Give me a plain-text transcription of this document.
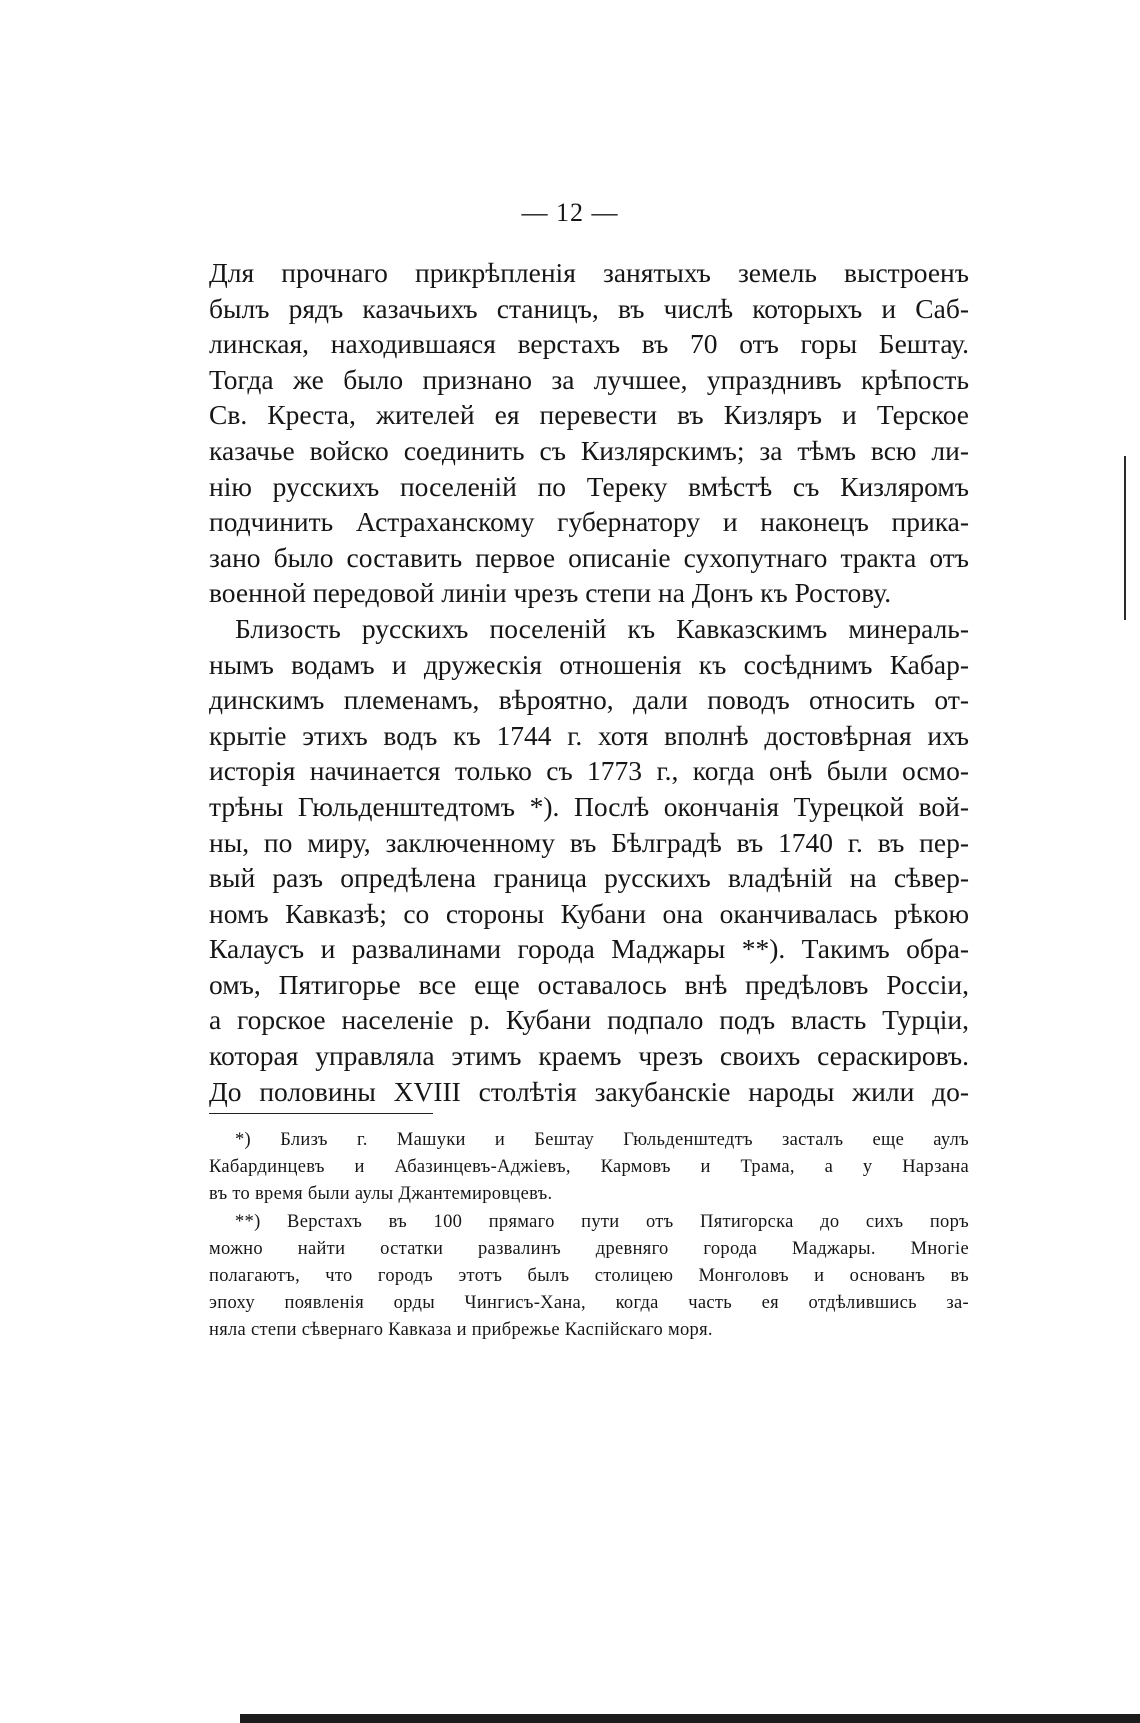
— 12 —
Для прочнаго прикрѣпленія занятыхъ земель выстроенъ
былъ рядъ казачьихъ станицъ, въ числѣ которыхъ и Саб-
линская, находившаяся верстахъ въ 70 отъ горы Бештау.
Тогда же было признано за лучшее, упразднивъ крѣпость
Св. Креста, жителей ея перевести въ Кизляръ и Терское
казачье войско соединить съ Кизлярскимъ; за тѣмъ всю ли-
нію русскихъ поселеній по Тереку вмѣстѣ съ Кизляромъ
подчинить Астраханскому губернатору и наконецъ прика-
зано было составить первое описаніе сухопутнаго тракта отъ
военной передовой линіи чрезъ степи на Донъ къ Ростову.
Близость русскихъ поселеній къ Кавказскимъ минераль-
нымъ водамъ и дружескія отношенія къ сосѣднимъ Кабар-
динскимъ племенамъ, вѣроятно, дали поводъ относить от-
крытіе этихъ водъ къ 1744 г. хотя вполнѣ достовѣрная ихъ
исторія начинается только съ 1773 г., когда онѣ были осмо-
трѣны Гюльденштедтомъ *). Послѣ окончанія Турецкой вой-
ны, по миру, заключенному въ Бѣлградѣ въ 1740 г. въ пер-
вый разъ опредѣлена граница русскихъ владѣній на сѣвер-
номъ Кавказѣ; со стороны Кубани она оканчивалась рѣкою
Калаусъ и развалинами города Маджары **). Такимъ обра-
омъ, Пятигорье все еще оставалось внѣ предѣловъ Россіи,
а горское населеніе р. Кубани подпало подъ власть Турціи,
которая управляла этимъ краемъ чрезъ своихъ сераскировъ.
До половины XVIII столѣтія закубанскіе народы жили до-
*) Близъ г. Машуки и Бештау Гюльденштедтъ засталъ еще аулъ
Кабардинцевъ и Абазинцевъ-Аджіевъ, Кармовъ и Трама, а у Нарзана
въ то время были аулы Джантемировцевъ.
**) Верстахъ въ 100 прямаго пути отъ Пятигорска до сихъ поръ
можно найти остатки развалинъ древняго города Маджары. Многіе
полагаютъ, что городъ этотъ былъ столицею Монголовъ и основанъ въ
эпоху появленія орды Чингисъ-Хана, когда часть ея отдѣлившись за-
няла степи сѣвернаго Кавказа и прибрежье Каспійскаго моря.
